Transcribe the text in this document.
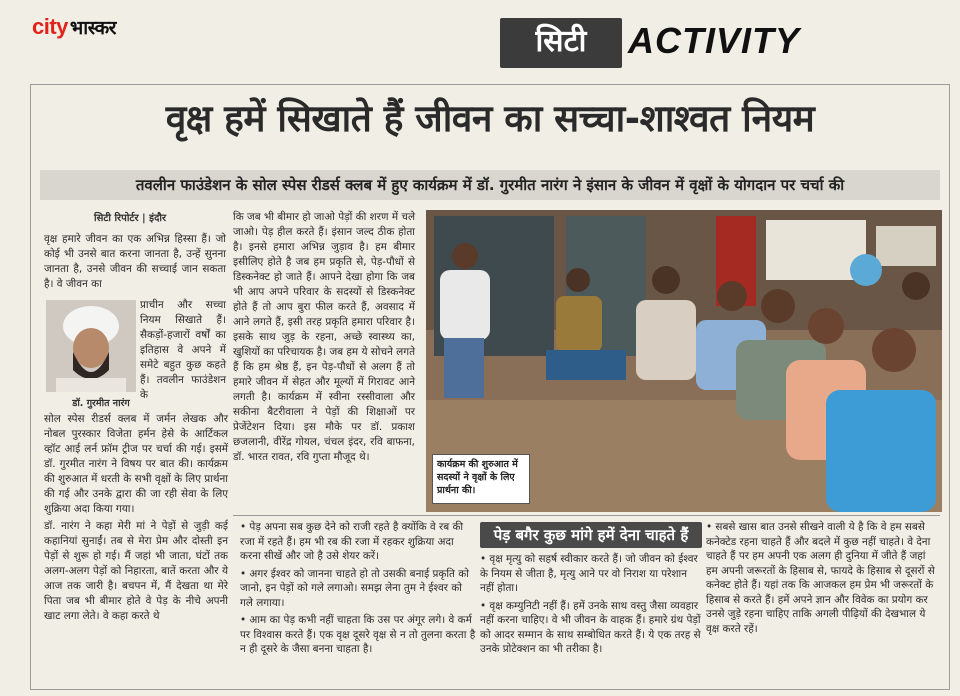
city भास्कर	सिटी	ACTIVITY
वृक्ष हमें सिखाते हैं जीवन का सच्चा-शाश्वत नियम
तवलीन फाउंडेशन के सोल स्पेस रीडर्स क्लब में हुए कार्यक्रम में डॉ. गुरमीत नारंग ने इंसान के जीवन में वृक्षों के योगदान पर चर्चा की
सिटी रिपोर्टर | इंदौर

वृक्ष हमारे जीवन का एक अभिन्न हिस्सा हैं। जो कोई भी उनसे बात करना जानता है, उन्हें सुनना जानता है, उनसे जीवन की सच्चाई जान सकता है। वे जीवन का

डॉ. गुरमीत नारंग

प्राचीन और सच्चा नियम सिखाते हैं। सैकड़ों-हजारों वर्षों का इतिहास वे अपने में समेटे बहुत कुछ कहते हैं। तवलीन फाउंडेशन के

सोल स्पेस रीडर्स क्लब में जर्मन लेखक और नोबल पुरस्कार विजेता हर्मन हेसे के आर्टिकल व्हॉट आई लर्न फ्रॉम ट्रीज पर चर्चा की गई। इसमें डॉ. गुरमीत नारंग ने विषय पर बात की। कार्यक्रम की शुरुआत में धरती के सभी वृक्षों के लिए प्रार्थना की गई और उनके द्वारा की जा रही सेवा के लिए शुक्रिया अदा किया गया।

डॉ. नारंग ने कहा मेरी मां ने पेड़ों से जुड़ी कई कहानियां सुनाईं। तब से मेरा प्रेम और दोस्ती इन पेड़ों से शुरू हो गई। मैं जहां भी जाता, घंटों तक अलग-अलग पेड़ों को निहारता, बातें करता और ये आज तक जारी है। बचपन में, मैं देखता था मेरे पिता जब भी बीमार होते वे पेड़ के नीचे अपनी खाट लगा लेते। वे कहा करते थे

कि जब भी बीमार हो जाओ पेड़ों की शरण में चले जाओ। पेड़ हील करते हैं। इंसान जल्द ठीक होता है। इनसे हमारा अभिन्न जुड़ाव है। हम बीमार इसीलिए होते है जब हम प्रकृति से, पेड़-पौधों से डिस्कनेक्ट हो जाते हैं। आपने देखा होगा कि जब भी आप अपने परिवार के सदस्यों से डिस्कनेक्ट होते हैं तो आप बुरा फील करते हैं, अवसाद में आने लगते हैं, इसी तरह प्रकृति हमारा परिवार है। इसके साथ जुड़ के रहना, अच्छे स्वास्थ्य का, खुशियों का परिचायक है। जब हम ये सोचने लगते हैं कि हम श्रेष्ठ हैं, इन पेड़-पौधों से अलग हैं तो हमारे जीवन में सेहत और मूल्यों में गिरावट आने लगती है। कार्यक्रम में स्वीना रस्सीवाला और सकीना बैटरीवाला ने पेड़ों की शिक्षाओं पर प्रेजेंटेशन दिया। इस मौके पर डॉ. प्रकाश छजलानी, वीरेंद्र गोयल, चंचल इंदर, रवि बाफना, डॉ. भारत रावत, रवि गुप्ता मौजूद थे।

कार्यक्रम की शुरुआत में सदस्यों ने वृक्षों के लिए प्रार्थना की।

• पेड़ अपना सब कुछ देने को राजी रहते है क्योंकि वे रब की रजा में रहते हैं। हम भी रब की रजा में रहकर शुक्रिया अदा करना सीखें और जो है उसे शेयर करें।

• अगर ईश्वर को जानना चाहते हो तो उसकी बनाई प्रकृति को जानो, इन पेड़ों को गले लगाओ। समझ लेना तुम ने ईश्वर को गले लगाया।

• आम का पेड़ कभी नहीं चाहता कि उस पर अंगूर लगे। वे कर्म पर विश्वास करते हैं। एक वृक्ष दूसरे वृक्ष से न तो तुलना करता है न ही दूसरे के जैसा बनना चाहता है।

पेड़ बगैर कुछ मांगे हमें देना चाहते हैं

• वृक्ष मृत्यु को सहर्ष स्वीकार करते हैं। जो जीवन को ईश्वर के नियम से जीता है, मृत्यु आने पर वो निराश या परेशान नहीं होता।

• वृक्ष कम्युनिटी नहीं हैं। हमें उनके साथ वस्तु जैसा व्यवहार नहीं करना चाहिए। वे भी जीवन के वाहक हैं। हमारे ग्रंथ पेड़ों को आदर सम्मान के साथ सम्बोधित करते हैं। ये एक तरह से उनके प्रोटेक्शन का भी तरीका है।

• सबसे खास बात उनसे सीखने वाली ये है कि वे हम सबसे कनेक्टेड रहना चाहते हैं और बदले में कुछ नहीं चाहते। वे देना चाहते हैं पर हम अपनी एक अलग ही दुनिया में जीते हैं जहां हम अपनी जरूरतों के हिसाब से, फायदे के हिसाब से दूसरों से कनेक्ट होते हैं। यहां तक कि आजकल हम प्रेम भी जरूरतों के हिसाब से करते हैं। हमें अपने ज्ञान और विवेक का प्रयोग कर उनसे जुड़े रहना चाहिए ताकि अगली पीढ़ियों की देखभाल ये वृक्ष करते रहें।
